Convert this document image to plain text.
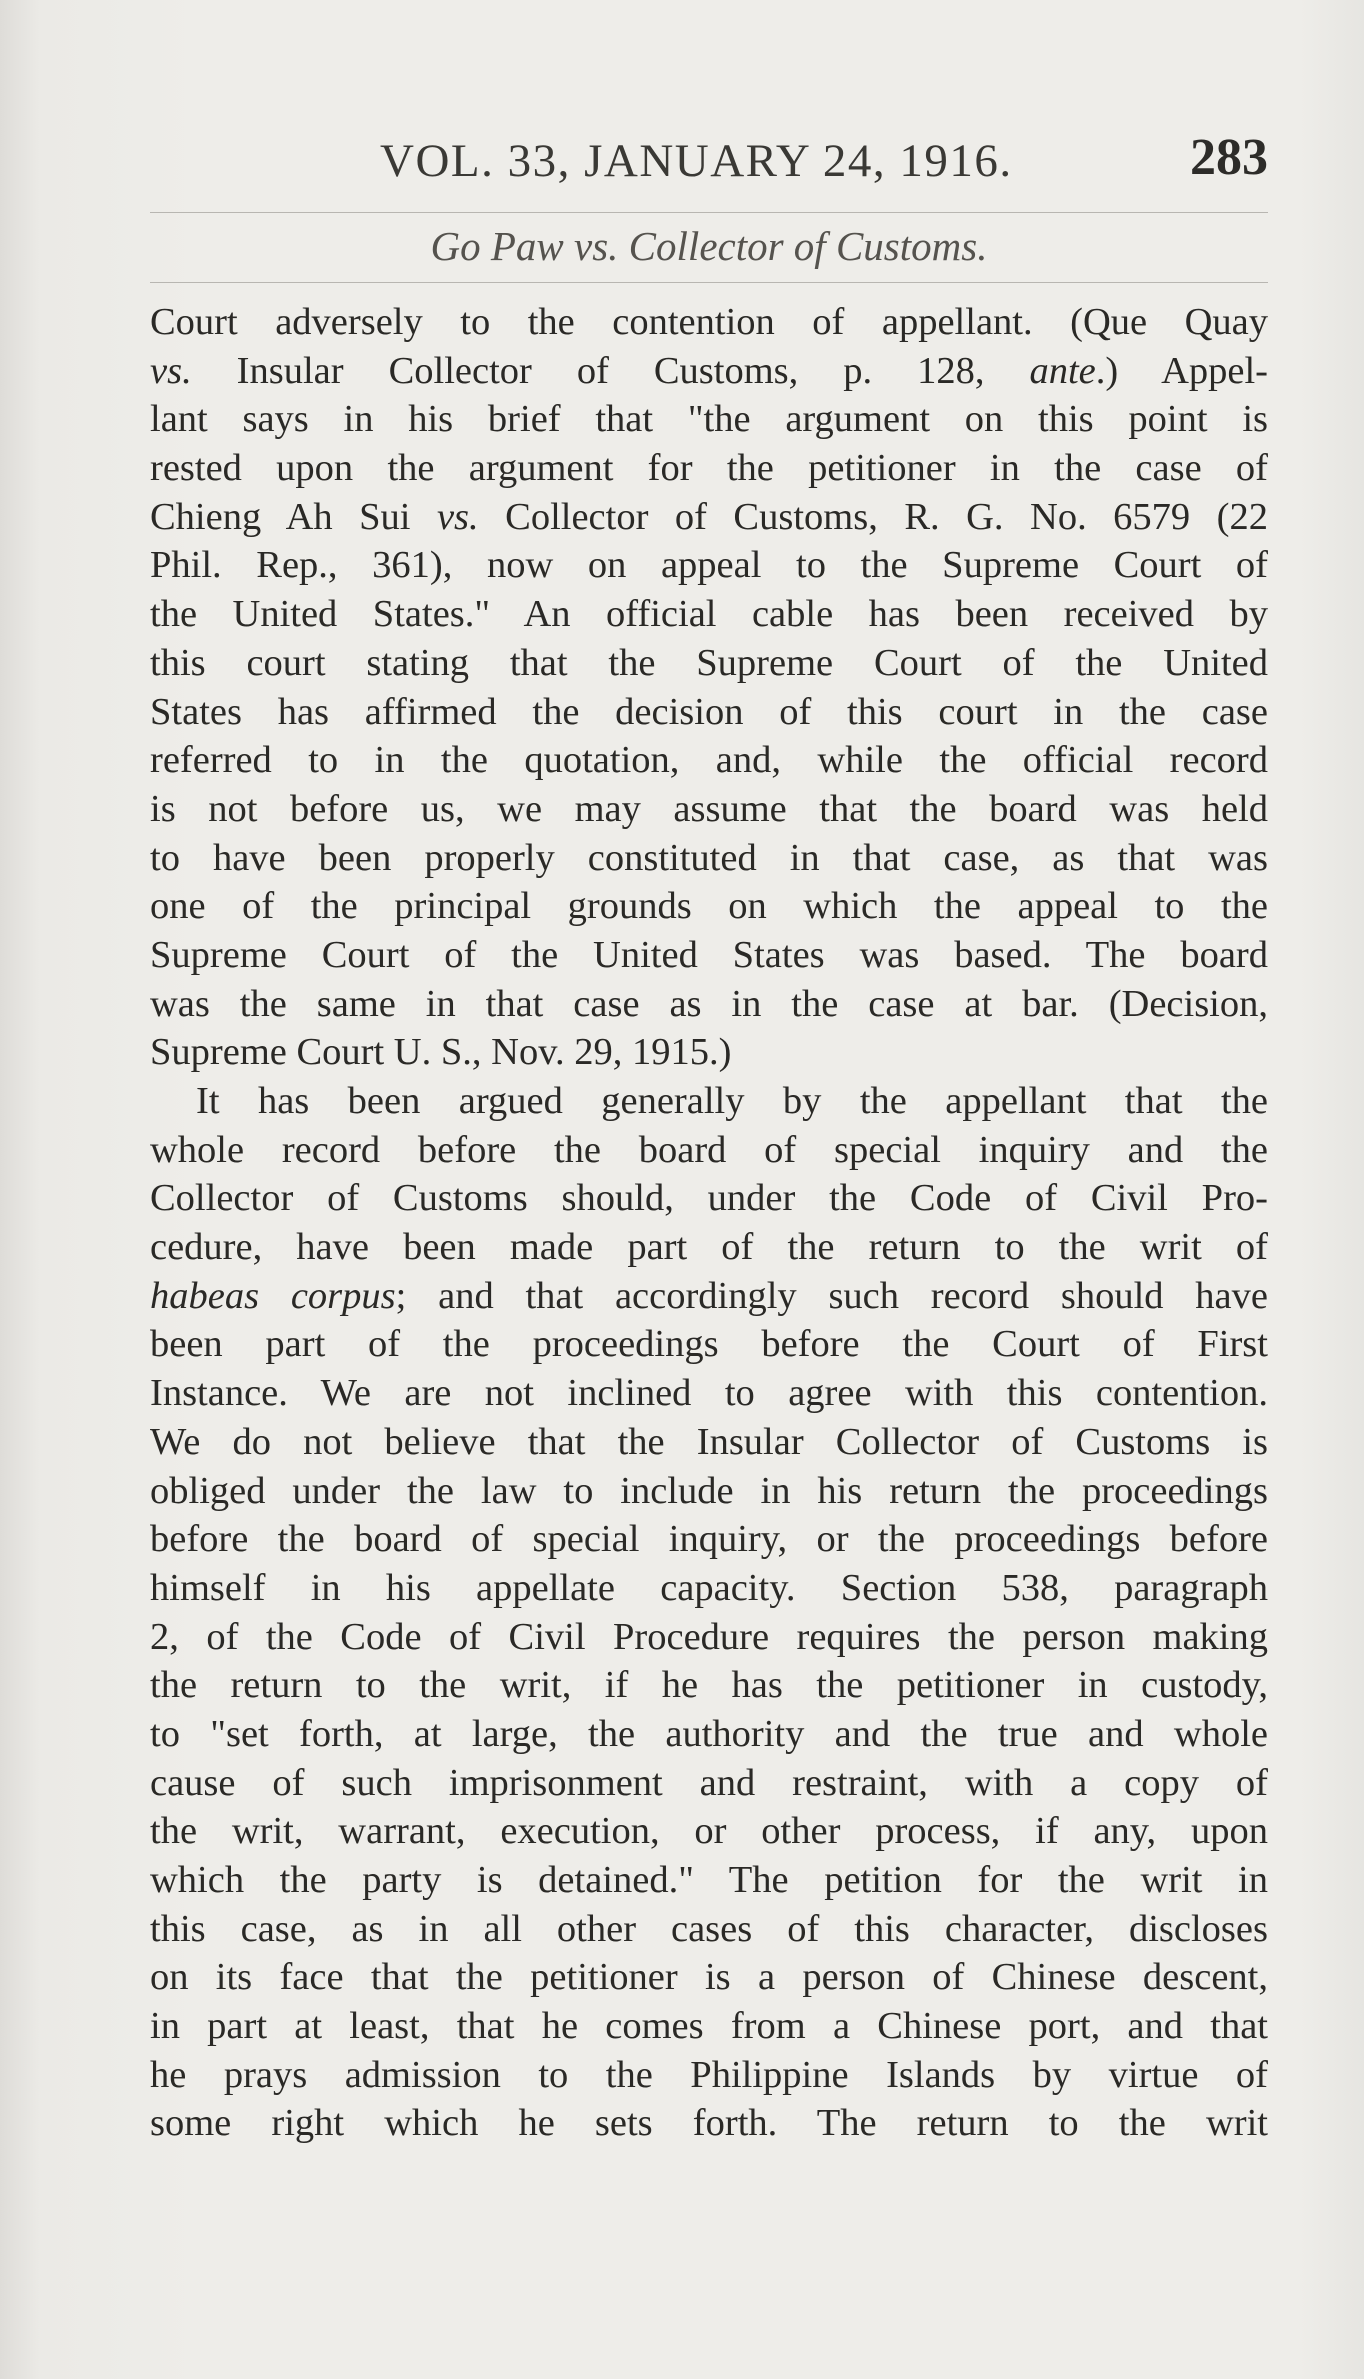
VOL. 33, JANUARY 24, 1916.	283
Go Paw vs. Collector of Customs.
Court adversely to the contention of appellant. (Que Quay
vs. Insular Collector of Customs, p. 128, ante.) Appel-
lant says in his brief that "the argument on this point is
rested upon the argument for the petitioner in the case of
Chieng Ah Sui vs. Collector of Customs, R. G. No. 6579 (22
Phil. Rep., 361), now on appeal to the Supreme Court of
the United States." An official cable has been received by
this court stating that the Supreme Court of the United
States has affirmed the decision of this court in the case
referred to in the quotation, and, while the official record
is not before us, we may assume that the board was held
to have been properly constituted in that case, as that was
one of the principal grounds on which the appeal to the
Supreme Court of the United States was based. The board
was the same in that case as in the case at bar. (Decision,
Supreme Court U. S., Nov. 29, 1915.)
It has been argued generally by the appellant that the
whole record before the board of special inquiry and the
Collector of Customs should, under the Code of Civil Pro-
cedure, have been made part of the return to the writ of
habeas corpus; and that accordingly such record should have
been part of the proceedings before the Court of First
Instance. We are not inclined to agree with this contention.
We do not believe that the Insular Collector of Customs is
obliged under the law to include in his return the proceedings
before the board of special inquiry, or the proceedings before
himself in his appellate capacity. Section 538, paragraph
2, of the Code of Civil Procedure requires the person making
the return to the writ, if he has the petitioner in custody,
to "set forth, at large, the authority and the true and whole
cause of such imprisonment and restraint, with a copy of
the writ, warrant, execution, or other process, if any, upon
which the party is detained." The petition for the writ in
this case, as in all other cases of this character, discloses
on its face that the petitioner is a person of Chinese descent,
in part at least, that he comes from a Chinese port, and that
he prays admission to the Philippine Islands by virtue of
some right which he sets forth. The return to the writ
